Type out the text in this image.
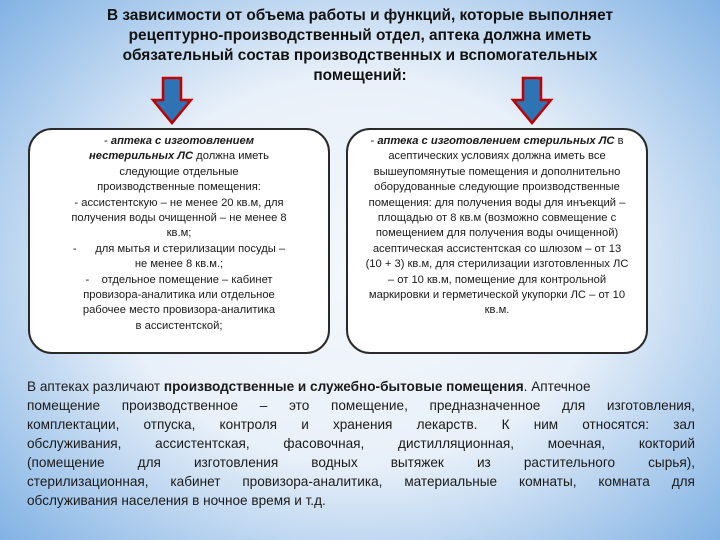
В зависимости от объема работы и функций, которые выполняет
рецептурно-производственный отдел, аптека должна иметь
обязательный состав производственных и вспомогательных
помещений:
- аптека с изготовлением
нестерильных ЛС должна иметь
следующие отдельные
производственные помещения:
- ассистентскую – не менее 20 кв.м, для
получения воды очищенной – не менее 8
кв.м;
-      для мытья и стерилизации посуды –
не менее 8 кв.м.;
-    отдельное помещение – кабинет
провизора-аналитика или отдельное
рабочее место провизора-аналитика
в ассистентской;
- аптека с изготовлением стерильных ЛС в
асептических условиях должна иметь все
вышеупомянутые помещения и дополнительно
оборудованные следующие производственные
помещения: для получения воды для инъекций –
площадью от 8 кв.м (возможно совмещение с
помещением для получения воды очищенной)
асептическая ассистентская со шлюзом – от 13
(10 + 3) кв.м, для стерилизации изготовленных ЛС
– от 10 кв.м, помещение для контрольной
маркировки и герметической укупорки ЛС – от 10
кв.м.
В аптеках различают производственные и служебно-бытовые помещения. Аптечное
помещение производственное – это помещение, предназначенное для изготовления,
комплектации, отпуска, контроля и хранения лекарств. К ним относятся: зал
обслуживания, ассистентская, фасовочная, дистилляционная, моечная, кокторий
(помещение для изготовления водных вытяжек из растительного сырья),
стерилизационная, кабинет провизора-аналитика, материальные комнаты, комната для
обслуживания населения в ночное время и т.д.
